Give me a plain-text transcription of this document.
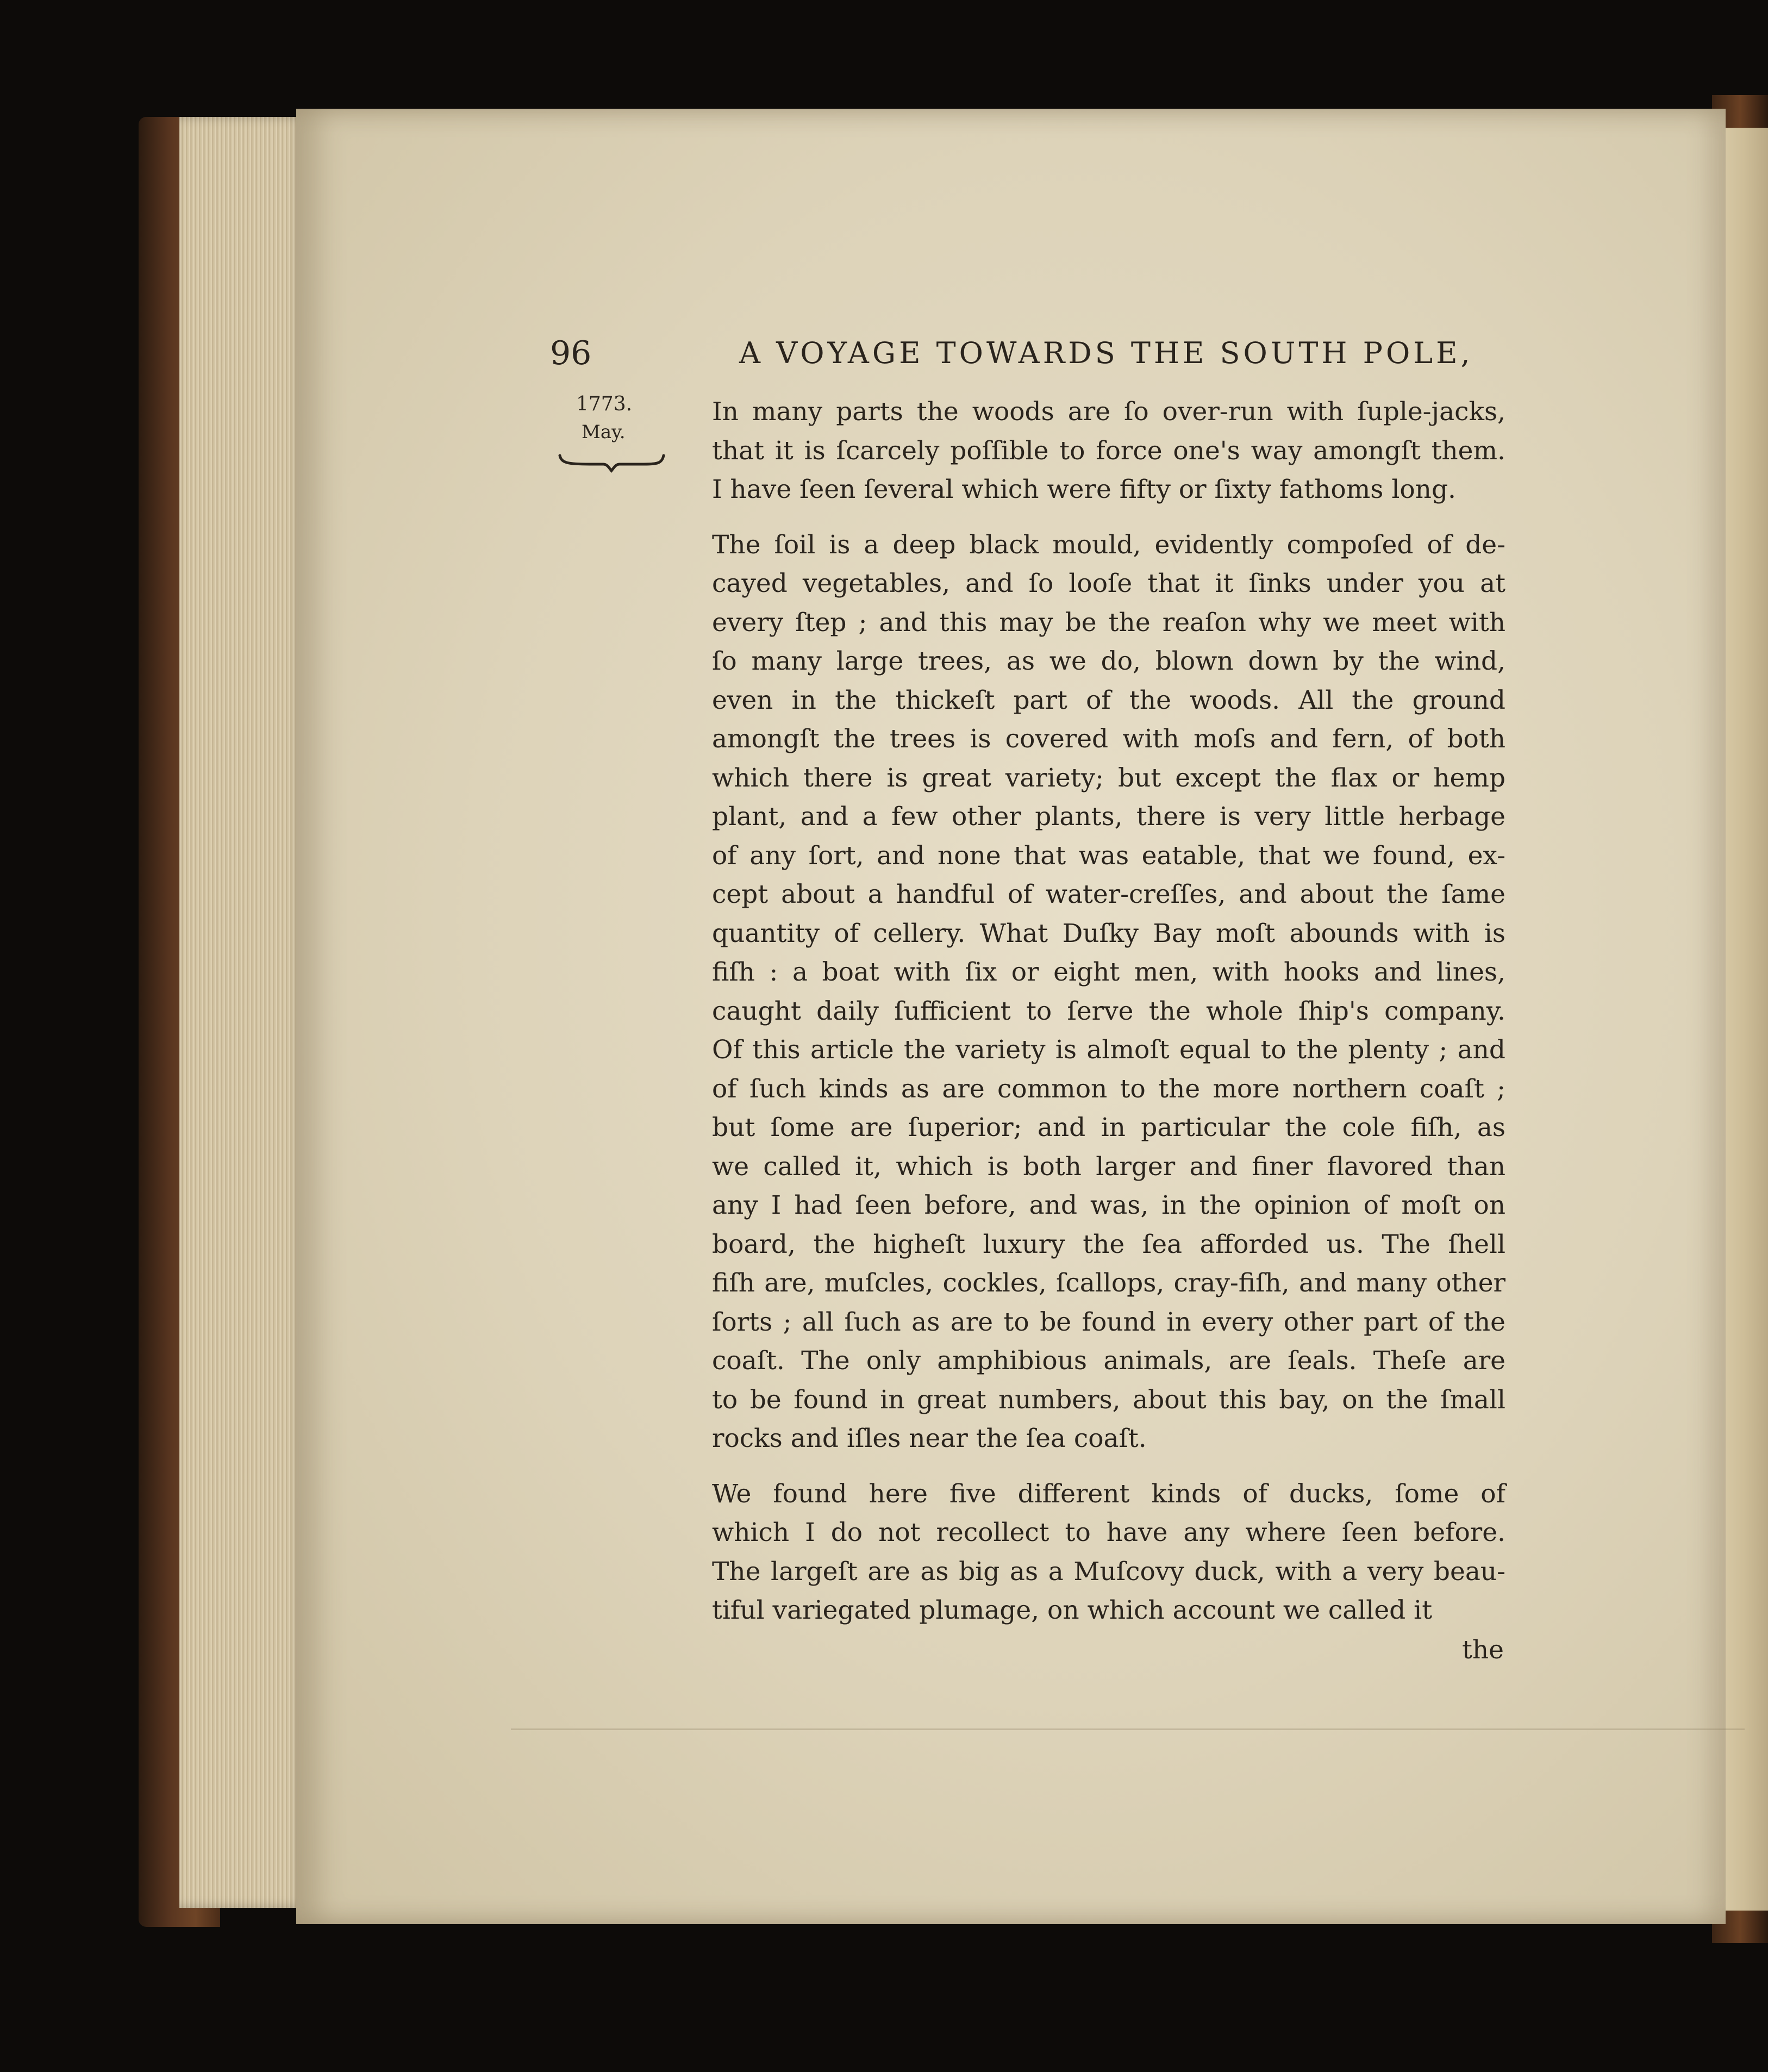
96	A VOYAGE TOWARDS THE SOUTH POLE,

1773.

May.

In many parts the woods are ſo over-run with ſuple-jacks,
that it is ſcarcely poſſible to force one's way amongſt them.
I have ſeen ſeveral which were fifty or ſixty fathoms long.
The ſoil is a deep black mould, evidently compoſed of de-
cayed vegetables, and ſo looſe that it ſinks under you at
every ſtep ; and this may be the reaſon why we meet with
ſo many large trees, as we do, blown down by the wind,
even in the thickeſt part of the woods. All the ground
amongſt the trees is covered with moſs and fern, of both
which there is great variety; but except the flax or hemp
plant, and a few other plants, there is very little herbage
of any ſort, and none that was eatable, that we found, ex-
cept about a handful of water-creſſes, and about the ſame
quantity of cellery. What Duſky Bay moſt abounds with is
fiſh : a boat with ſix or eight men, with hooks and lines,
caught daily ſufficient to ſerve the whole ſhip's company.
Of this article the variety is almoſt equal to the plenty ; and
of ſuch kinds as are common to the more northern coaſt ;
but ſome are ſuperior; and in particular the cole fiſh, as
we called it, which is both larger and finer flavored than
any I had ſeen before, and was, in the opinion of moſt on
board, the higheſt luxury the ſea afforded us. The ſhell
fiſh are, muſcles, cockles, ſcallops, cray-fiſh, and many other
ſorts ; all ſuch as are to be found in every other part of the
coaſt. The only amphibious animals, are ſeals. Theſe are
to be found in great numbers, about this bay, on the ſmall
rocks and iſles near the ſea coaſt.
We found here five different kinds of ducks, ſome of
which I do not recollect to have any where ſeen before.
The largeſt are as big as a Muſcovy duck, with a very beau-
tiful variegated plumage, on which account we called it

the
